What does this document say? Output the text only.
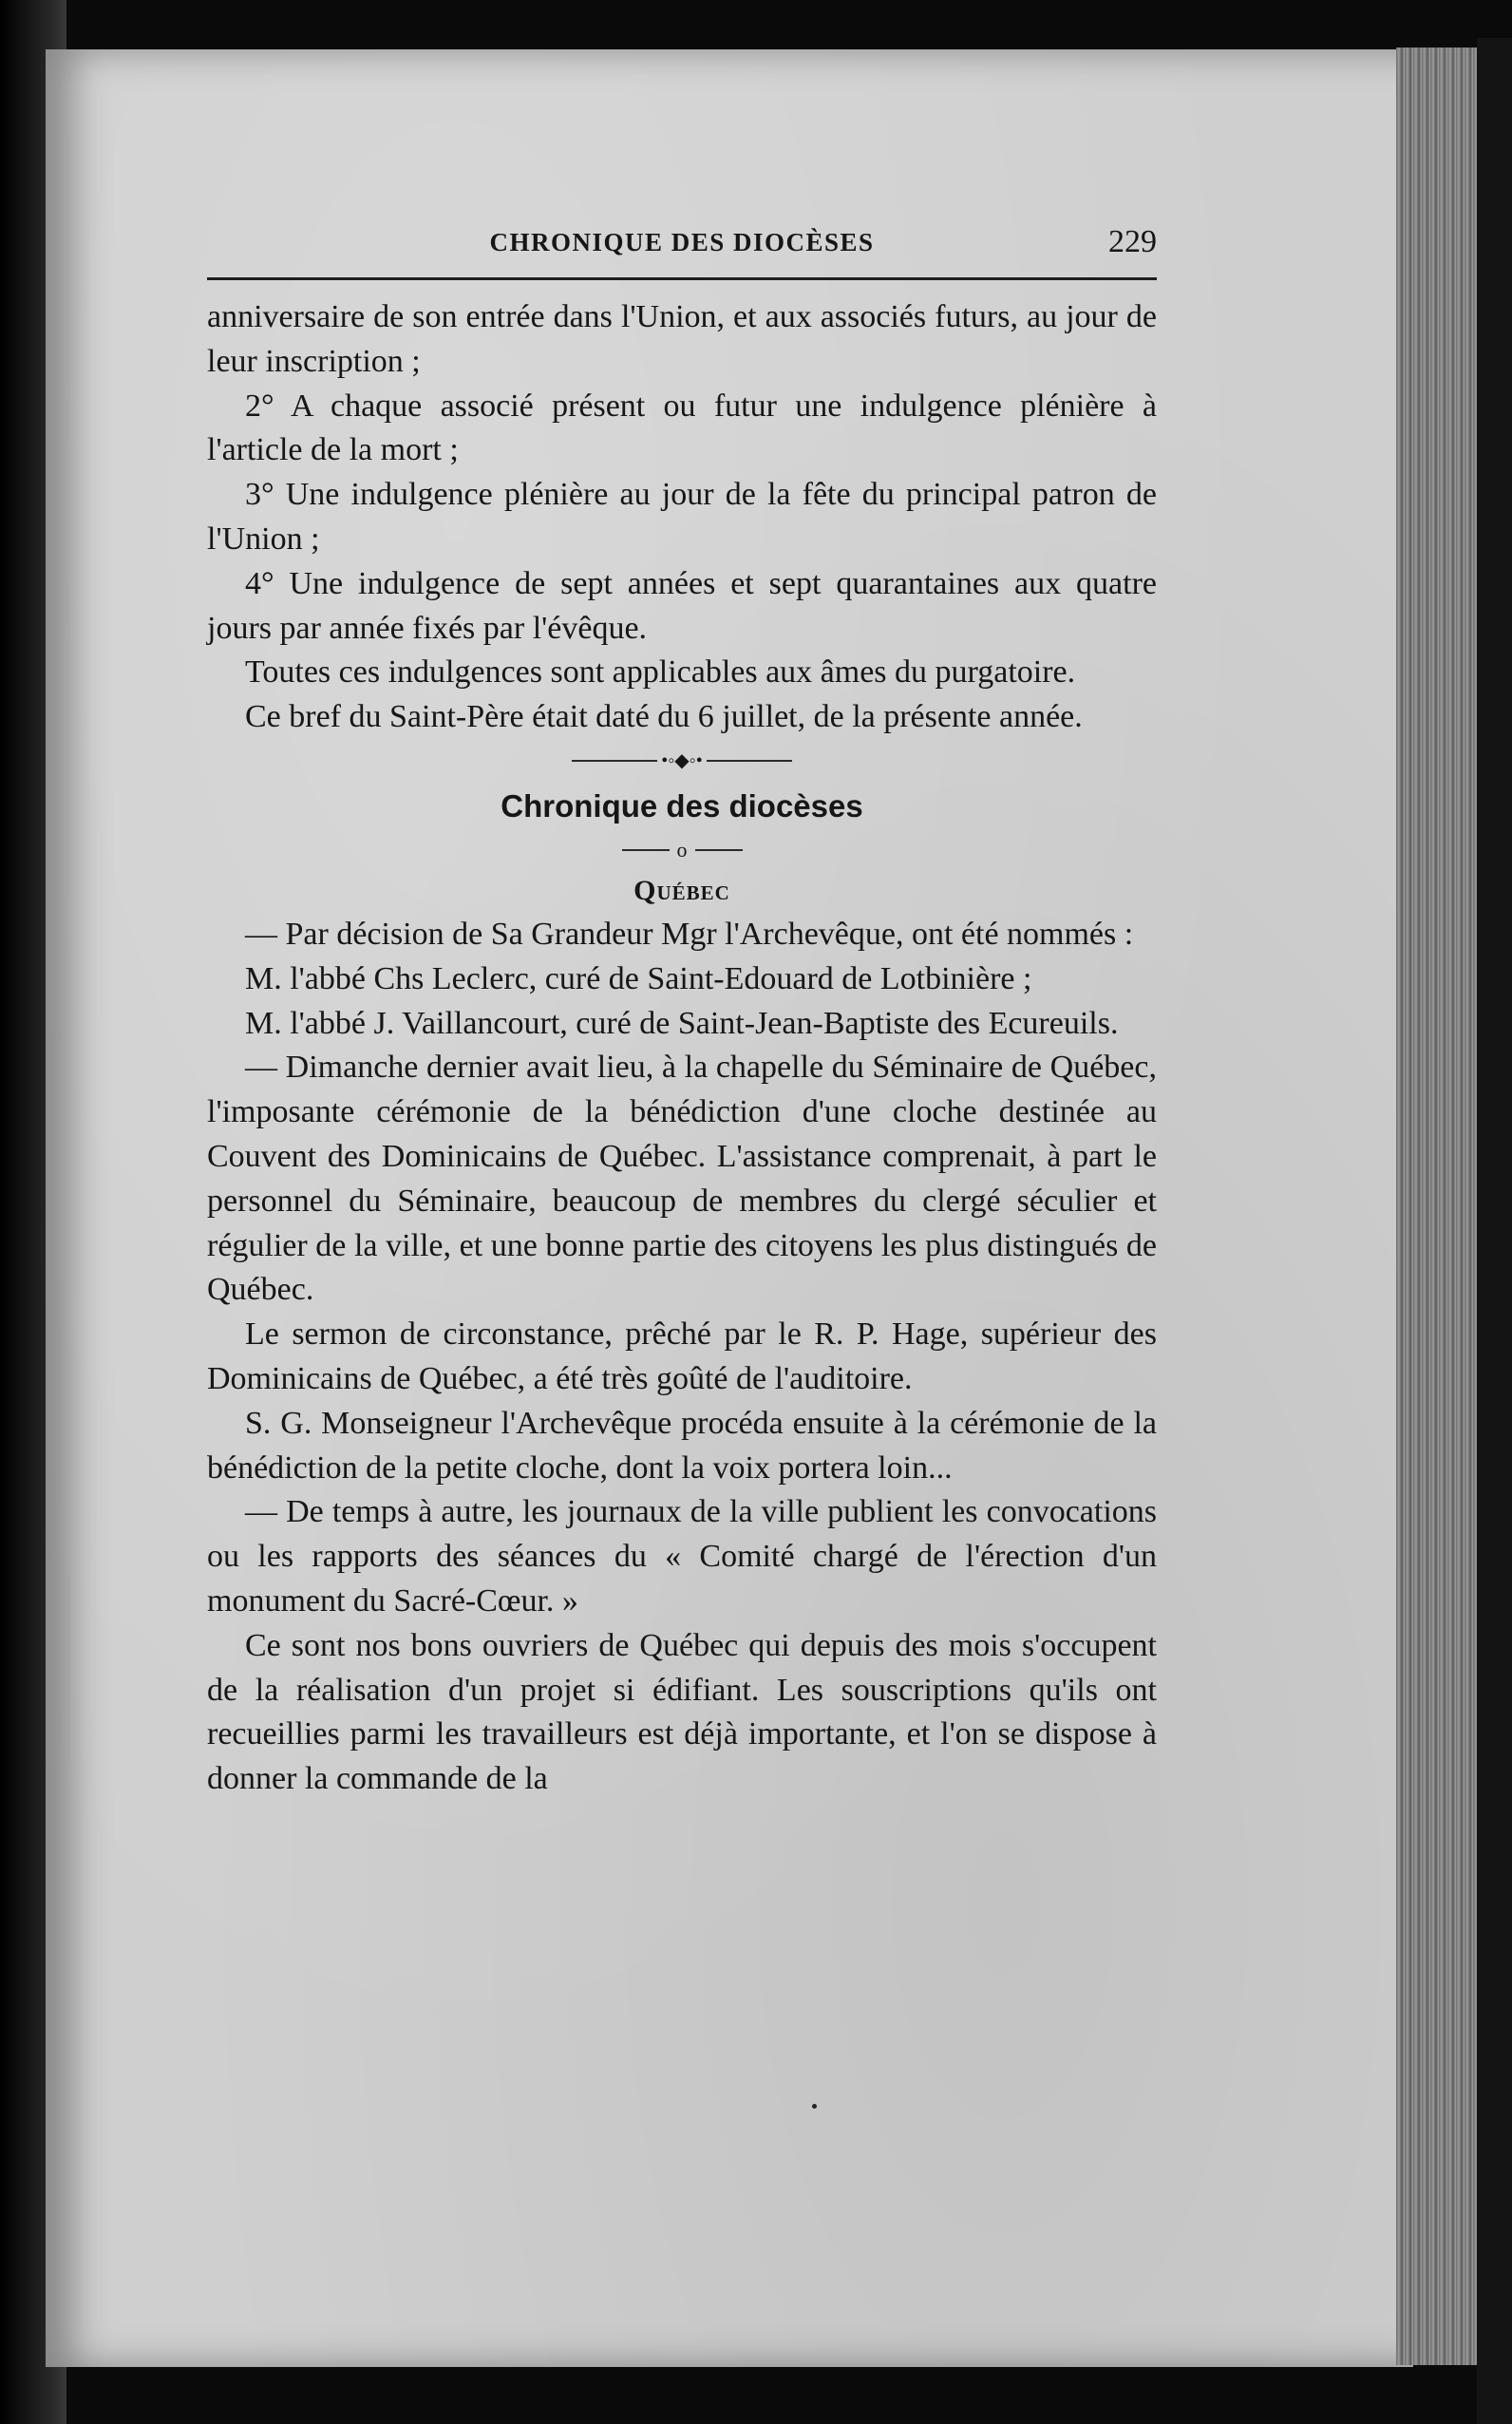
CHRONIQUE DES DIOCÈSES	229

anniversaire de son entrée dans l'Union, et aux associés futurs, au jour de leur inscription ;

2° A chaque associé présent ou futur une indulgence plénière à l'article de la mort ;

3° Une indulgence plénière au jour de la fête du principal patron de l'Union ;

4° Une indulgence de sept années et sept quarantaines aux quatre jours par année fixés par l'évêque.

Toutes ces indulgences sont applicables aux âmes du purgatoire.

Ce bref du Saint-Père était daté du 6 juillet, de la présente année.

•◦◆◦•
Chronique des diocèses
o
Québec

— Par décision de Sa Grandeur Mgr l'Archevêque, ont été nommés :

M. l'abbé Chs Leclerc, curé de Saint-Edouard de Lotbinière ;

M. l'abbé J. Vaillancourt, curé de Saint-Jean-Baptiste des Ecureuils.

— Dimanche dernier avait lieu, à la chapelle du Séminaire de Québec, l'imposante cérémonie de la bénédiction d'une cloche destinée au Couvent des Dominicains de Québec. L'assistance comprenait, à part le personnel du Séminaire, beaucoup de membres du clergé séculier et régulier de la ville, et une bonne partie des citoyens les plus distingués de Québec.

Le sermon de circonstance, prêché par le R. P. Hage, supérieur des Dominicains de Québec, a été très goûté de l'auditoire.

S. G. Monseigneur l'Archevêque procéda ensuite à la cérémonie de la bénédiction de la petite cloche, dont la voix portera loin...

— De temps à autre, les journaux de la ville publient les convocations ou les rapports des séances du « Comité chargé de l'érection d'un monument du Sacré-Cœur. »

Ce sont nos bons ouvriers de Québec qui depuis des mois s'occupent de la réalisation d'un projet si édifiant. Les souscriptions qu'ils ont recueillies parmi les travailleurs est déjà importante, et l'on se dispose à donner la commande de la
